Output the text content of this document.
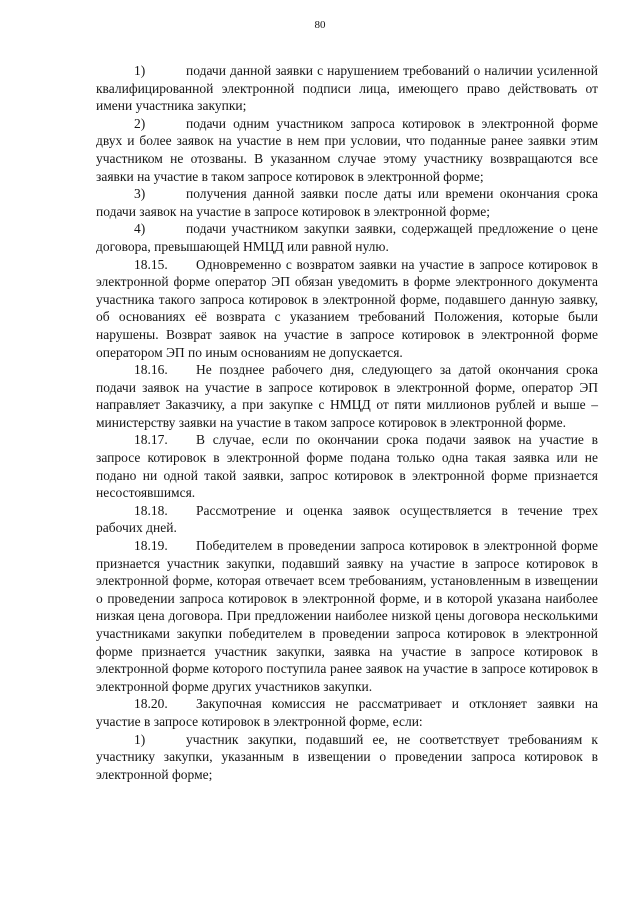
80

1)	подачи данной заявки с нарушением требований о наличии усиленной квалифицированной электронной подписи лица, имеющего право действовать от имени участника закупки;

2)	подачи одним участником запроса котировок в электронной форме двух и более заявок на участие в нем при условии, что поданные ранее заявки этим участником не отозваны. В указанном случае этому участнику возвращаются все заявки на участие в таком запросе котировок в электронной форме;

3)	получения данной заявки после даты или времени окончания срока подачи заявок на участие в запросе котировок в электронной форме;

4)	подачи участником закупки заявки, содержащей предложение о цене договора, превышающей НМЦД или равной нулю.

18.15. Одновременно с возвратом заявки на участие в запросе котировок в электронной форме оператор ЭП обязан уведомить в форме электронного документа участника такого запроса котировок в электронной форме, подавшего данную заявку, об основаниях её возврата с указанием требований Положения, которые были нарушены. Возврат заявок на участие в запросе котировок в электронной форме оператором ЭП по иным основаниям не допускается.

18.16. Не позднее рабочего дня, следующего за датой окончания срока подачи заявок на участие в запросе котировок в электронной форме, оператор ЭП направляет Заказчику, а при закупке с НМЦД от пяти миллионов рублей и выше – министерству заявки на участие в таком запросе котировок в электронной форме.

18.17. В случае, если по окончании срока подачи заявок на участие в запросе котировок в электронной форме подана только одна такая заявка или не подано ни одной такой заявки, запрос котировок в электронной форме признается несостоявшимся.

18.18. Рассмотрение и оценка заявок осуществляется в течение трех рабочих дней.

18.19. Победителем в проведении запроса котировок в электронной форме признается участник закупки, подавший заявку на участие в запросе котировок в электронной форме, которая отвечает всем требованиям, установленным в извещении о проведении запроса котировок в электронной форме, и в которой указана наиболее низкая цена договора. При предложении наиболее низкой цены договора несколькими участниками закупки победителем в проведении запроса котировок в электронной форме признается участник закупки, заявка на участие в запросе котировок в электронной форме которого поступила ранее заявок на участие в запросе котировок в электронной форме других участников закупки.

18.20. Закупочная комиссия не рассматривает и отклоняет заявки на участие в запросе котировок в электронной форме, если:

1)	участник закупки, подавший ее, не соответствует требованиям к участнику закупки, указанным в извещении о проведении запроса котировок в электронной форме;
